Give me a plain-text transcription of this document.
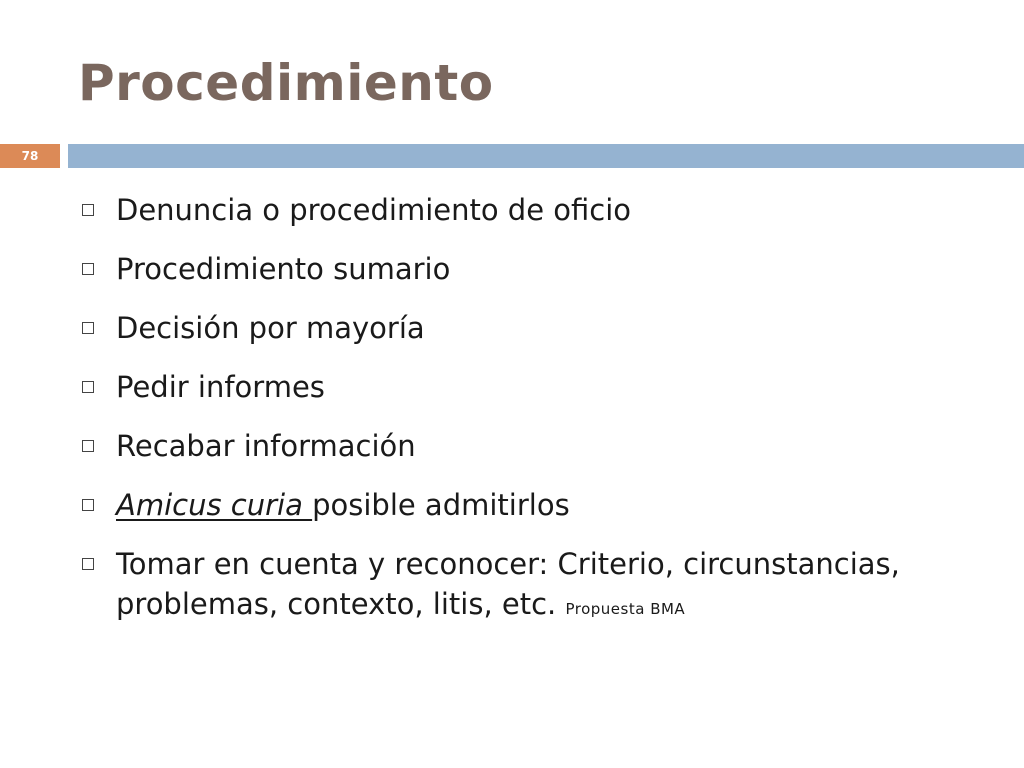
Procedimiento
78
Denuncia o procedimiento de oficio
Procedimiento sumario
Decisión por mayoría
Pedir informes
Recabar información
Amicus curia posible admitirlos
Tomar en cuenta y reconocer: Criterio, circunstancias, problemas, contexto, litis, etc. Propuesta BMA
